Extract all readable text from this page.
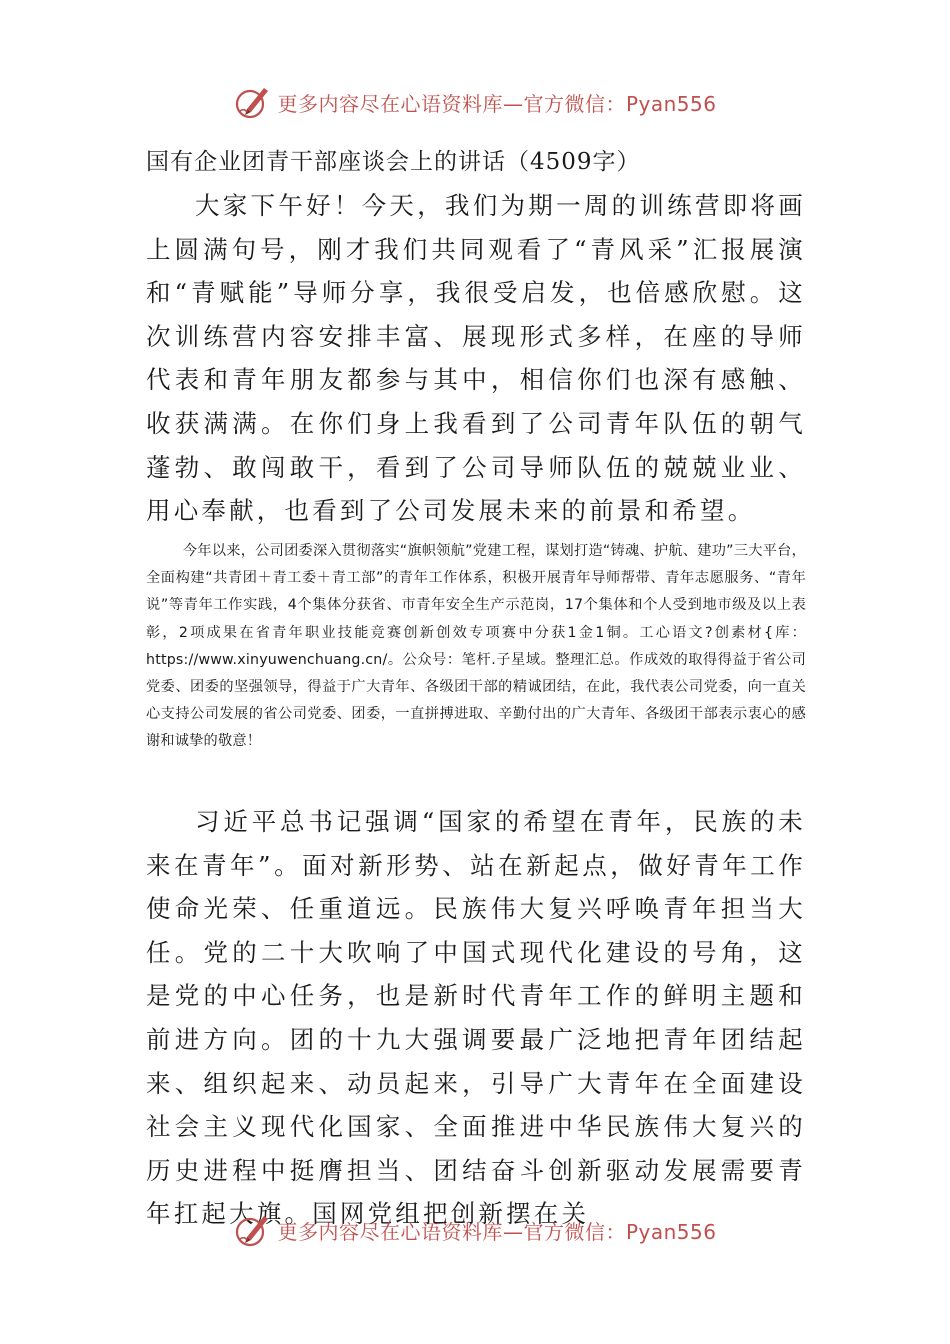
更多内容尽在心语资料库—官方微信：Pyan556
国有企业团青干部座谈会上的讲话（4509字）

大家下午好！今天，我们为期一周的训练营即将画上圆满句号，刚才我们共同观看了“青风采”汇报展演和“青赋能”导师分享，我很受启发，也倍感欣慰。这次训练营内容安排丰富、展现形式多样，在座的导师代表和青年朋友都参与其中，相信你们也深有感触、收获满满。在你们身上我看到了公司青年队伍的朝气蓬勃、敢闯敢干，看到了公司导师队伍的兢兢业业、用心奉献，也看到了公司发展未来的前景和希望。

今年以来，公司团委深入贯彻落实“旗帜领航”党建工程，谋划打造“铸魂、护航、建功”三大平台，全面构建“共青团＋青工委＋青工部”的青年工作体系，积极开展青年导师帮带、青年志愿服务、“青年说”等青年工作实践，4个集体分获省、市青年安全生产示范岗，17个集体和个人受到地市级及以上表彰，2项成果在省青年职业技能竞赛创新创效专项赛中分获1金1铜。工心语文?创素材{库：https://www.xinyuwenchuang.cn/。公众号：笔杆.子星域。整理汇总。作成效的取得得益于省公司党委、团委的坚强领导，得益于广大青年、各级团干部的精诚团结，在此，我代表公司党委，向一直关心支持公司发展的省公司党委、团委，一直拼搏进取、辛勤付出的广大青年、各级团干部表示衷心的感谢和诚挚的敬意！

习近平总书记强调“国家的希望在青年，民族的未来在青年”。面对新形势、站在新起点，做好青年工作使命光荣、任重道远。民族伟大复兴呼唤青年担当大任。党的二十大吹响了中国式现代化建设的号角，这是党的中心任务，也是新时代青年工作的鲜明主题和前进方向。团的十九大强调要最广泛地把青年团结起来、组织起来、动员起来，引导广大青年在全面建设社会主义现代化国家、全面推进中华民族伟大复兴的历史进程中挺膺担当、团结奋斗创新驱动发展需要青年扛起大旗。国网党组把创新摆在关

更多内容尽在心语资料库—官方微信：Pyan556
